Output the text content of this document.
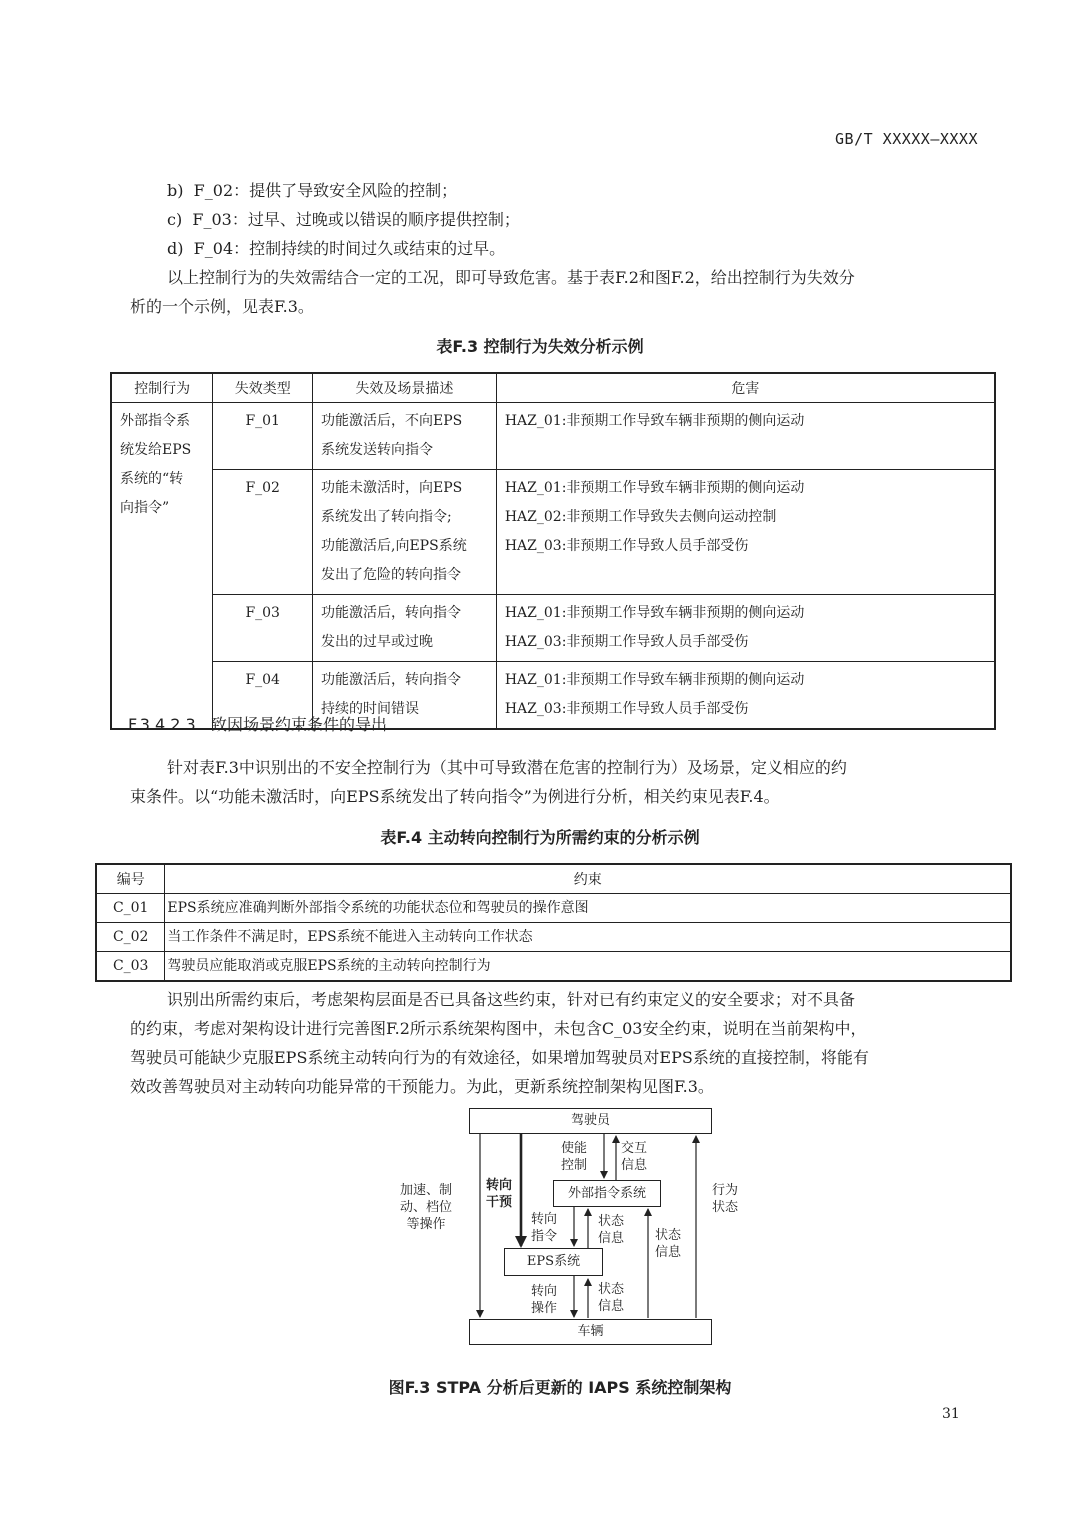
GB/T XXXXX—XXXX
b) F_02：提供了导致安全风险的控制；
c) F_03：过早、过晚或以错误的顺序提供控制；
d) F_04：控制持续的时间过久或结束的过早。
以上控制行为的失效需结合一定的工况，即可导致危害。基于表F.2和图F.2，给出控制行为失效分
析的一个示例，见表F.3。
表F.3 控制行为失效分析示例
控制行为	失效类型	失效及场景描述	危害

外部指令系
统发给EPS
系统的“转
向指令”	F_01	功能激活后，不向EPS
系统发送转向指令	HAZ_01:非预期工作导致车辆非预期的侧向运动

	F_02	功能未激活时，向EPS
系统发出了转向指令;
功能激活后,向EPS系统
发出了危险的转向指令	HAZ_01:非预期工作导致车辆非预期的侧向运动
HAZ_02:非预期工作导致失去侧向运动控制
HAZ_03:非预期工作导致人员手部受伤

	F_03	功能激活后，转向指令
发出的过早或过晚	HAZ_01:非预期工作导致车辆非预期的侧向运动
HAZ_03:非预期工作导致人员手部受伤

	F_04	功能激活后，转向指令
持续的时间错误	HAZ_01:非预期工作导致车辆非预期的侧向运动
HAZ_03:非预期工作导致人员手部受伤
F.3.4.2.3 致因场景约束条件的导出
针对表F.3中识别出的不安全控制行为（其中可导致潜在危害的控制行为）及场景，定义相应的约
束条件。以“功能未激活时，向EPS系统发出了转向指令”为例进行分析，相关约束见表F.4。
表F.4 主动转向控制行为所需约束的分析示例
编号	约束
C_01	EPS系统应准确判断外部指令系统的功能状态位和驾驶员的操作意图
C_02	当工作条件不满足时，EPS系统不能进入主动转向工作状态
C_03	驾驶员应能取消或克服EPS系统的主动转向控制行为
识别出所需约束后，考虑架构层面是否已具备这些约束，针对已有约束定义的安全要求；对不具备
的约束，考虑对架构设计进行完善图F.2所示系统架构图中，未包含C_03安全约束，说明在当前架构中，
驾驶员可能缺少克服EPS系统主动转向行为的有效途径，如果增加驾驶员对EPS系统的直接控制，将能有
效改善驾驶员对主动转向功能异常的干预能力。为此，更新系统控制架构见图F.3。
驾驶员
外部指令系统
EPS系统
车辆
使能
控制
交互
信息
加速、制
动、档位
等操作
转向
干预
转向
指令
状态
信息 状态
信息
行为
状态
转向
操作
状态
信息
图F.3 STPA 分析后更新的 IAPS 系统控制架构
31
